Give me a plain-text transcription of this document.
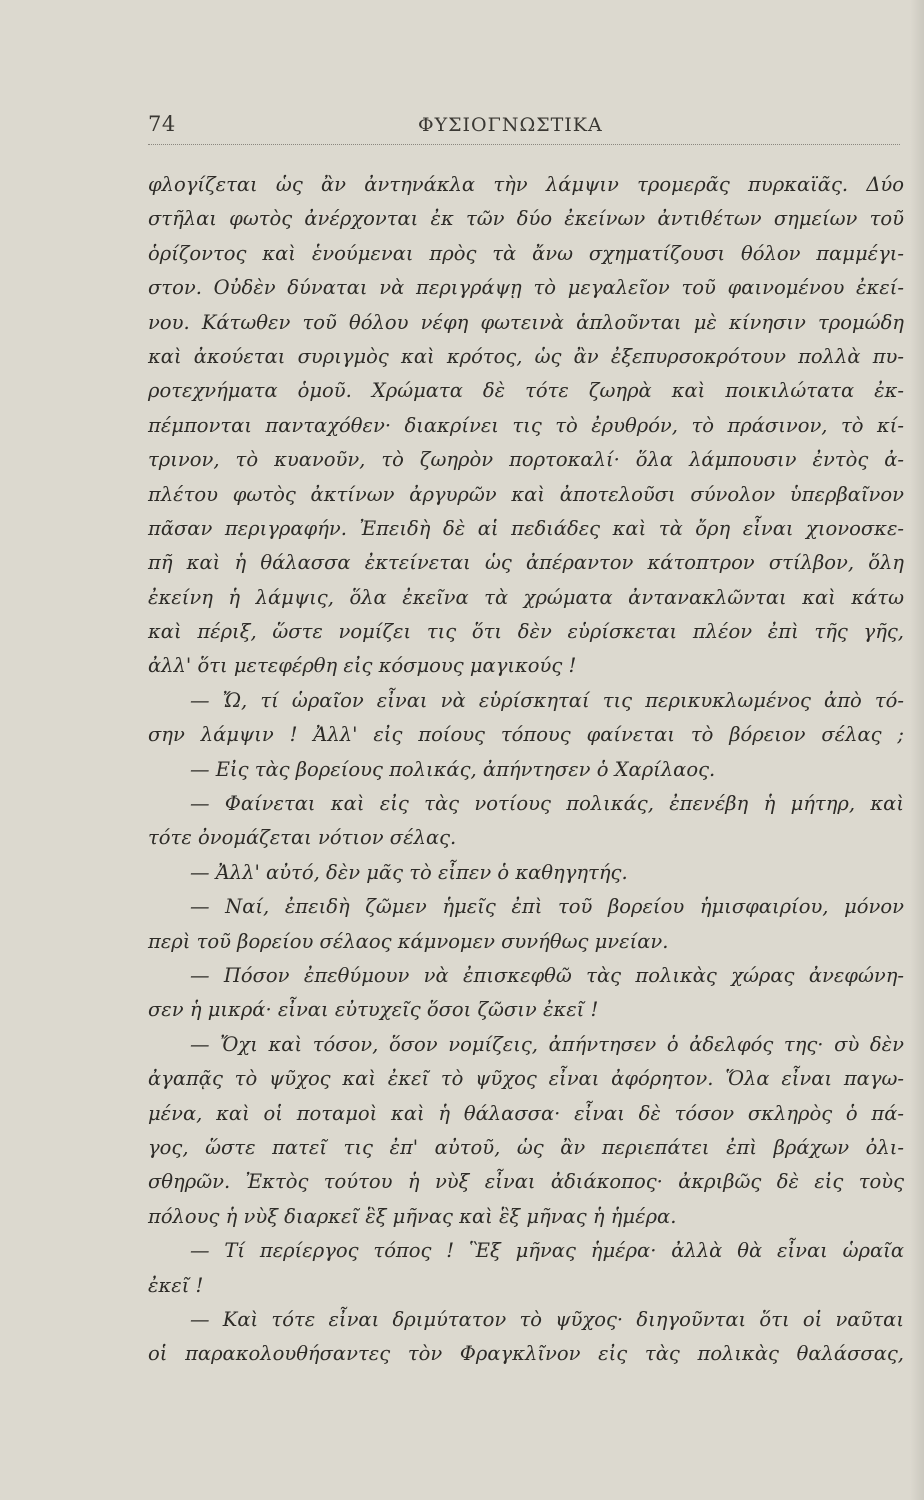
74	ΦΥΣΙΟΓΝΩΣΤΙΚΑ
φλογίζεται ὡς ἂν ἀντηνάκλα τὴν λάμψιν τρομερᾶς πυρκαϊᾶς. Δύο
στῆλαι φωτὸς ἀνέρχονται ἐκ τῶν δύο ἐκείνων ἀντιθέτων σημείων τοῦ
ὁρίζοντος καὶ ἑνούμεναι πρὸς τὰ ἄνω σχηματίζουσι θόλον παμμέγι-
στον. Οὐδὲν δύναται νὰ περιγράψῃ τὸ μεγαλεῖον τοῦ φαινομένου ἐκεί-
νου. Κάτωθεν τοῦ θόλου νέφη φωτεινὰ ἁπλοῦνται μὲ κίνησιν τρομώδη
καὶ ἀκούεται συριγμὸς καὶ κρότος, ὡς ἂν ἐξεπυρσοκρότουν πολλὰ πυ-
ροτεχνήματα ὁμοῦ. Χρώματα δὲ τότε ζωηρὰ καὶ ποικιλώτατα ἐκ-
πέμπονται πανταχόθεν· διακρίνει τις τὸ ἐρυθρόν, τὸ πράσινον, τὸ κί-
τρινον, τὸ κυανοῦν, τὸ ζωηρὸν πορτοκαλί· ὅλα λάμπουσιν ἐντὸς ἀ-
πλέτου φωτὸς ἀκτίνων ἀργυρῶν καὶ ἀποτελοῦσι σύνολον ὑπερβαῖνον
πᾶσαν περιγραφήν. Ἐπειδὴ δὲ αἱ πεδιάδες καὶ τὰ ὄρη εἶναι χιονοσκε-
πῆ καὶ ἡ θάλασσα ἐκτείνεται ὡς ἀπέραντον κάτοπτρον στίλβον, ὅλη
ἐκείνη ἡ λάμψις, ὅλα ἐκεῖνα τὰ χρώματα ἀντανακλῶνται καὶ κάτω
καὶ πέριξ, ὥστε νομίζει τις ὅτι δὲν εὑρίσκεται πλέον ἐπὶ τῆς γῆς,
ἀλλ' ὅτι μετεφέρθη εἰς κόσμους μαγικούς !
— Ὤ, τί ὡραῖον εἶναι νὰ εὑρίσκηταί τις περικυκλωμένος ἀπὸ τό-
σην λάμψιν ! Ἀλλ' εἰς ποίους τόπους φαίνεται τὸ βόρειον σέλας ;
— Εἰς τὰς βορείους πολικάς, ἀπήντησεν ὁ Χαρίλαος.
— Φαίνεται καὶ εἰς τὰς νοτίους πολικάς, ἐπενέβη ἡ μήτηρ, καὶ
τότε ὀνομάζεται νότιον σέλας.
— Ἀλλ' αὐτό, δὲν μᾶς τὸ εἶπεν ὁ καθηγητής.
— Ναί, ἐπειδὴ ζῶμεν ἡμεῖς ἐπὶ τοῦ βορείου ἡμισφαιρίου, μόνον
περὶ τοῦ βορείου σέλαος κάμνομεν συνήθως μνείαν.
— Πόσον ἐπεθύμουν νὰ ἐπισκεφθῶ τὰς πολικὰς χώρας ἀνεφώνη-
σεν ἡ μικρά· εἶναι εὐτυχεῖς ὅσοι ζῶσιν ἐκεῖ !
— Ὄχι καὶ τόσον, ὅσον νομίζεις, ἀπήντησεν ὁ ἀδελφός της· σὺ δὲν
ἀγαπᾷς τὸ ψῦχος καὶ ἐκεῖ τὸ ψῦχος εἶναι ἀφόρητον. Ὅλα εἶναι παγω-
μένα, καὶ οἱ ποταμοὶ καὶ ἡ θάλασσα· εἶναι δὲ τόσον σκληρὸς ὁ πά-
γος, ὥστε πατεῖ τις ἐπ' αὐτοῦ, ὡς ἂν περιεπάτει ἐπὶ βράχων ὀλι-
σθηρῶν. Ἐκτὸς τούτου ἡ νὺξ εἶναι ἀδιάκοπος· ἀκριβῶς δὲ εἰς τοὺς
πόλους ἡ νὺξ διαρκεῖ ἓξ μῆνας καὶ ἓξ μῆνας ἡ ἡμέρα.
— Τί περίεργος τόπος ! Ἓξ μῆνας ἡμέρα· ἀλλὰ θὰ εἶναι ὡραῖα
ἐκεῖ !
— Καὶ τότε εἶναι δριμύτατον τὸ ψῦχος· διηγοῦνται ὅτι οἱ ναῦται
οἱ παρακολουθήσαντες τὸν Φραγκλῖνον εἰς τὰς πολικὰς θαλάσσας,
